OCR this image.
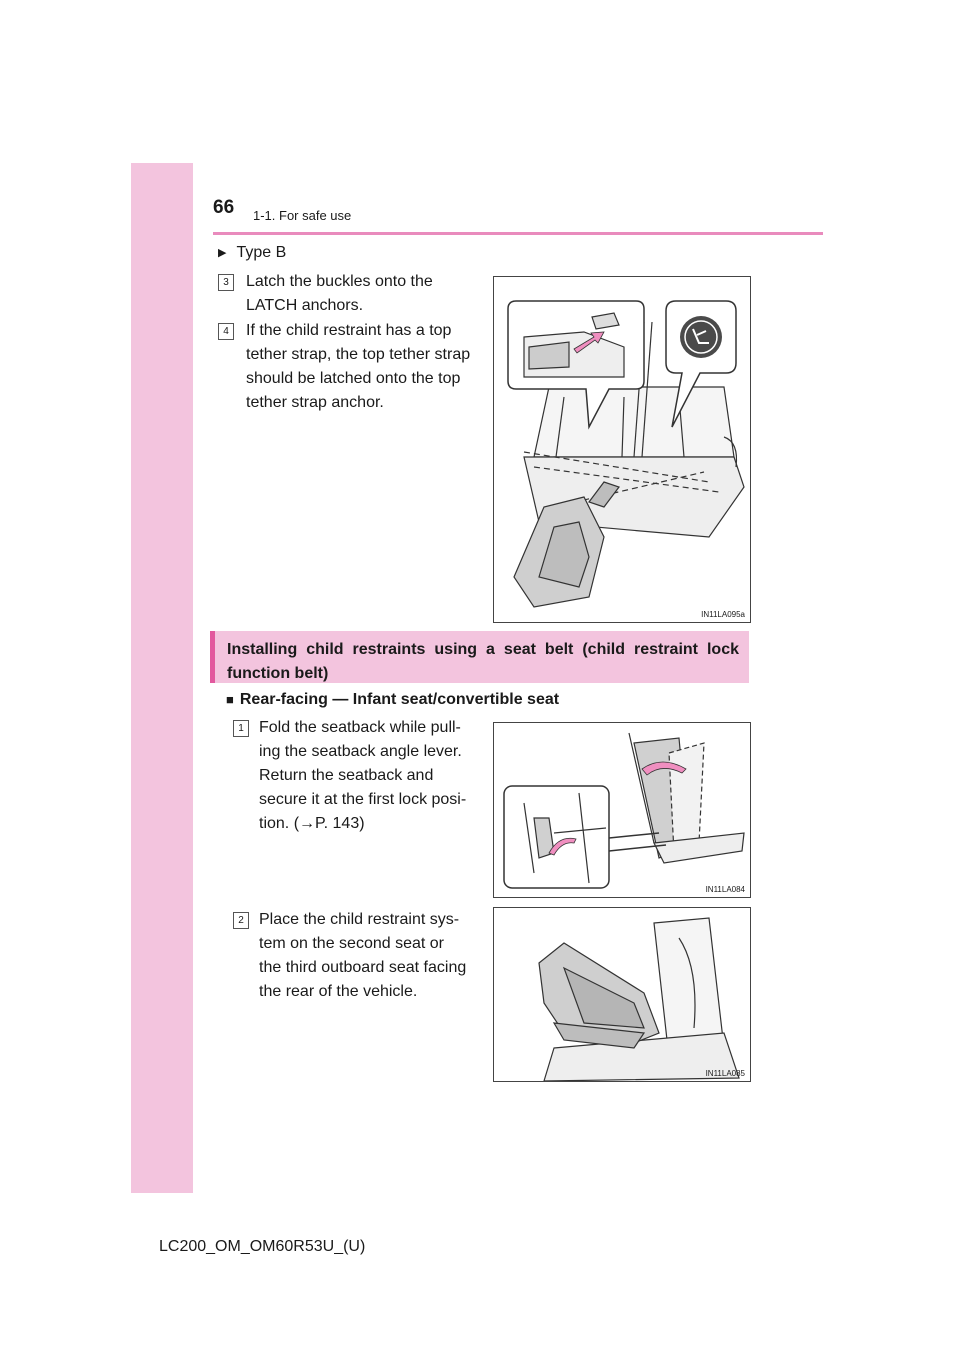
66 1-1. For safe use
▶ Type B
3	Latch the buckles onto the
LATCH anchors.
4	If the child restraint has a top
tether strap, the top tether strap
should be latched onto the top
tether strap anchor.
IN11LA095a
Installing child restraints using a seat belt (child restraint lock function belt)
■ Rear-facing — Infant seat/convertible seat
1 Fold the seatback while pull-
ing the seatback angle lever.
Return the seatback and
secure it at the first lock posi-
tion. (→P. 143)
IN11LA084
2 Place the child restraint sys-
tem on the second seat or
the third outboard seat facing
the rear of the vehicle.
IN11LA085
LC200_OM_OM60R53U_(U)
